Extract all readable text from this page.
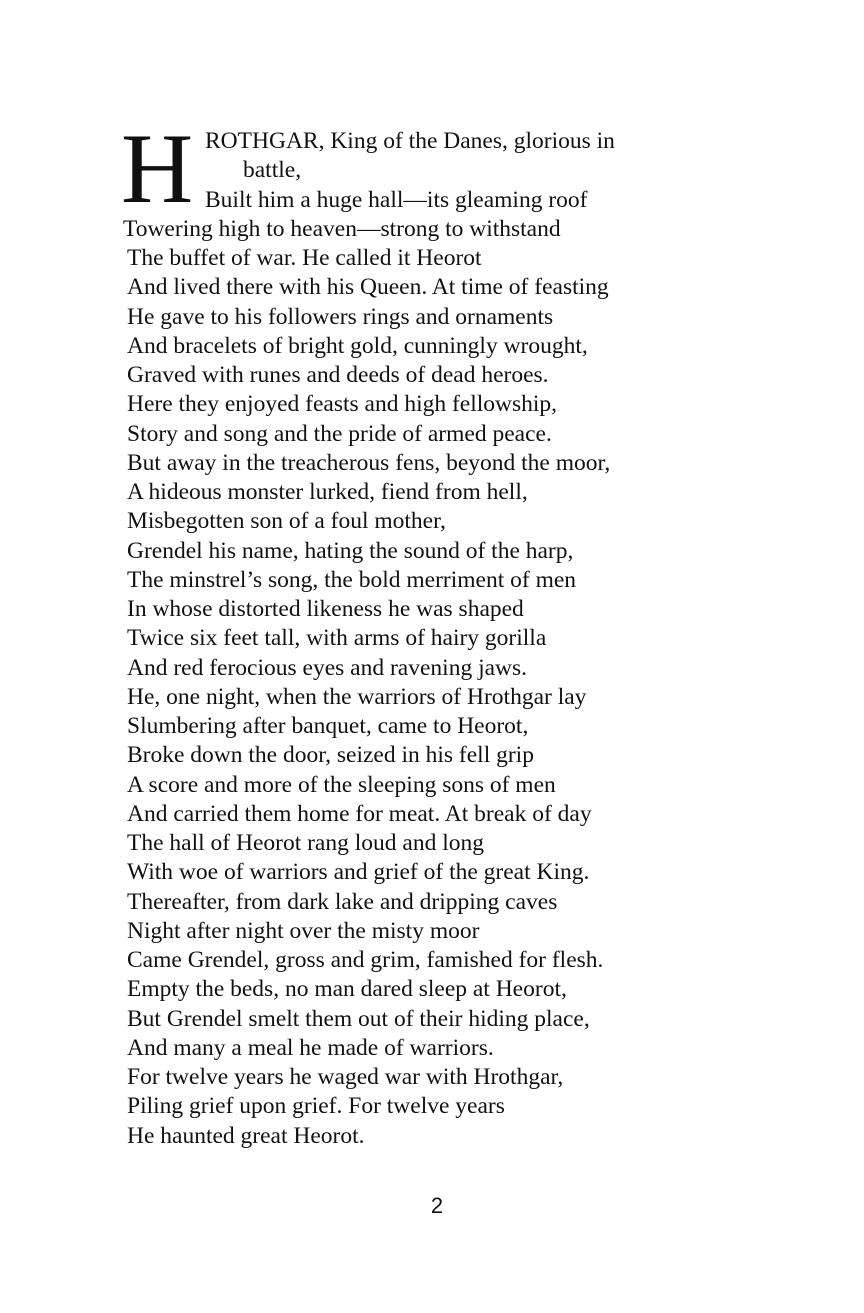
H ROTHGAR, King of the Danes, glorious in
battle,
Built him a huge hall—its gleaming roof
Towering high to heaven—strong to withstand
The buffet of war. He called it Heorot
And lived there with his Queen. At time of feasting
He gave to his followers rings and ornaments
And bracelets of bright gold, cunningly wrought,
Graved with runes and deeds of dead heroes.
Here they enjoyed feasts and high fellowship,
Story and song and the pride of armed peace.
But away in the treacherous fens, beyond the moor,
A hideous monster lurked, fiend from hell,
Misbegotten son of a foul mother,
Grendel his name, hating the sound of the harp,
The minstrel’s song, the bold merriment of men
In whose distorted likeness he was shaped
Twice six feet tall, with arms of hairy gorilla
And red ferocious eyes and ravening jaws.
He, one night, when the warriors of Hrothgar lay
Slumbering after banquet, came to Heorot,
Broke down the door, seized in his fell grip
A score and more of the sleeping sons of men
And carried them home for meat. At break of day
The hall of Heorot rang loud and long
With woe of warriors and grief of the great King.
Thereafter, from dark lake and dripping caves
Night after night over the misty moor
Came Grendel, gross and grim, famished for flesh.
Empty the beds, no man dared sleep at Heorot,
But Grendel smelt them out of their hiding place,
And many a meal he made of warriors.
For twelve years he waged war with Hrothgar,
Piling grief upon grief. For twelve years
He haunted great Heorot.
2
